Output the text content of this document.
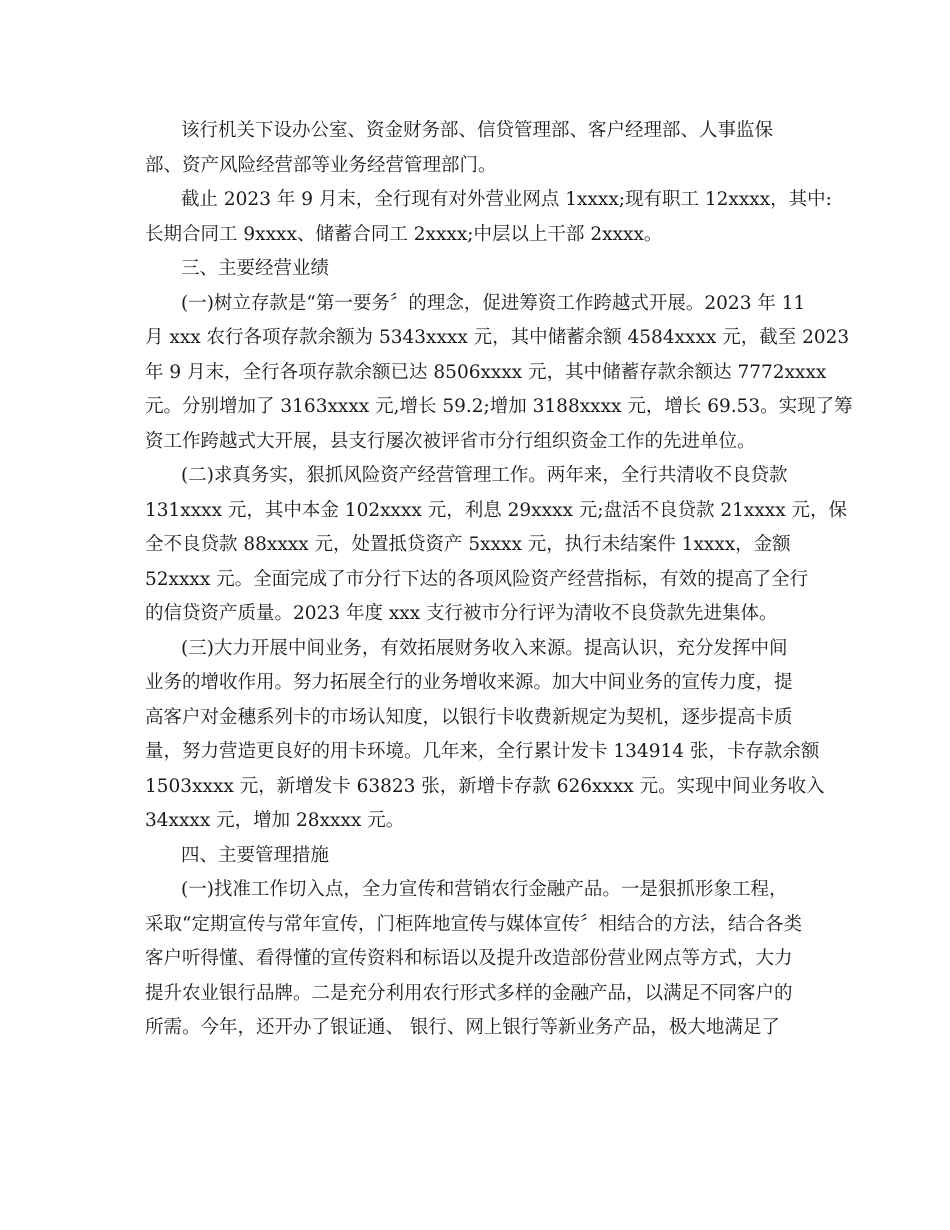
该行机关下设办公室、资金财务部、信贷管理部、客户经理部、人事监保
部、资产风险经营部等业务经营管理部门。
截止 2023 年 9 月末，全行现有对外营业网点 1xxxx;现有职工 12xxxx，其中:
长期合同工 9xxxx、储蓄合同工 2xxxx;中层以上干部 2xxxx。
三、主要经营业绩
(一)树立存款是“第一要务〞的理念，促进筹资工作跨越式开展。2023 年 11
月 xxx 农行各项存款余额为 5343xxxx 元，其中储蓄余额 4584xxxx 元，截至 2023
年 9 月末，全行各项存款余额已达 8506xxxx 元，其中储蓄存款余额达 7772xxxx
元。分别增加了 3163xxxx 元,增长 59.2;增加 3188xxxx 元，增长 69.53。实现了筹
资工作跨越式大开展，县支行屡次被评省市分行组织资金工作的先进单位。
(二)求真务实，狠抓风险资产经营管理工作。两年来，全行共清收不良贷款
131xxxx 元，其中本金 102xxxx 元，利息 29xxxx 元;盘活不良贷款 21xxxx 元，保
全不良贷款 88xxxx 元，处置抵贷资产 5xxxx 元，执行未结案件 1xxxx，金额
52xxxx 元。全面完成了市分行下达的各项风险资产经营指标，有效的提高了全行
的信贷资产质量。2023 年度 xxx 支行被市分行评为清收不良贷款先进集体。
(三)大力开展中间业务，有效拓展财务收入来源。提高认识，充分发挥中间
业务的增收作用。努力拓展全行的业务增收来源。加大中间业务的宣传力度，提
高客户对金穗系列卡的市场认知度，以银行卡收费新规定为契机，逐步提高卡质
量，努力营造更良好的用卡环境。几年来，全行累计发卡 134914 张，卡存款余额
1503xxxx 元，新增发卡 63823 张，新增卡存款 626xxxx 元。实现中间业务收入
34xxxx 元，增加 28xxxx 元。
四、主要管理措施
(一)找准工作切入点，全力宣传和营销农行金融产品。一是狠抓形象工程，
采取“定期宣传与常年宣传，门柜阵地宣传与媒体宣传〞相结合的方法，结合各类
客户听得懂、看得懂的宣传资料和标语以及提升改造部份营业网点等方式，大力
提升农业银行品牌。二是充分利用农行形式多样的金融产品，以满足不同客户的
所需。今年，还开办了银证通、 银行、网上银行等新业务产品，极大地满足了
